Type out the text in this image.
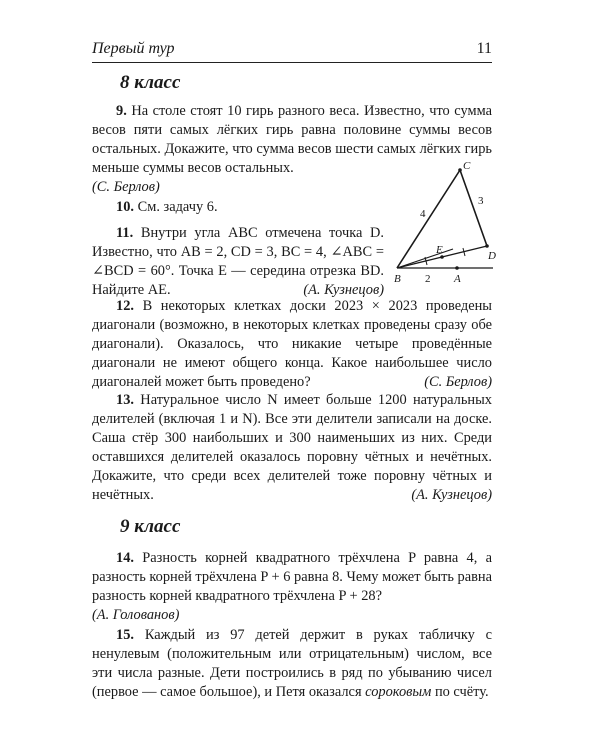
Первый тур	11
8 класс

9. На столе стоят 10 гирь разного веса. Известно, что сумма весов пяти самых лёгких гирь равна половине суммы весов остальных. Докажите, что сумма весов шести самых лёгких гирь меньше суммы весов остальных.

(С. Берлов)

10. См. задачу 6.

11. Внутри угла ABC отмечена точка D. Известно, что AB = 2, CD = 3, BC = 4, ∠ABC = ∠BCD = 60°. Точка E — середина отрезка BD. Найдите AE.	(А. Кузнецов)

C
D
E
B	A
4
3
2

12. В некоторых клетках доски 2023 × 2023 проведены диагонали (возможно, в некоторых клетках проведены сразу обе диагонали). Оказалось, что никакие четыре проведённые диагонали не имеют общего конца. Какое наибольшее число диагоналей может быть проведено?	(С. Берлов)

13. Натуральное число N имеет больше 1200 натуральных делителей (включая 1 и N). Все эти делители записали на доске. Саша стёр 300 наибольших и 300 наименьших из них. Среди оставшихся делителей оказалось поровну чётных и нечётных. Докажите, что среди всех делителей тоже поровну чётных и нечётных.	(А. Кузнецов)

9 класс

14. Разность корней квадратного трёхчлена P равна 4, а разность корней трёхчлена P + 6 равна 8. Чему может быть равна разность корней квадратного трёхчлена P + 28?

(А. Голованов)

15. Каждый из 97 детей держит в руках табличку с ненулевым (положительным или отрицательным) числом, все эти числа разные. Дети построились в ряд по убыванию чисел (первое — самое большое), и Петя оказался сороковым по счёту.
